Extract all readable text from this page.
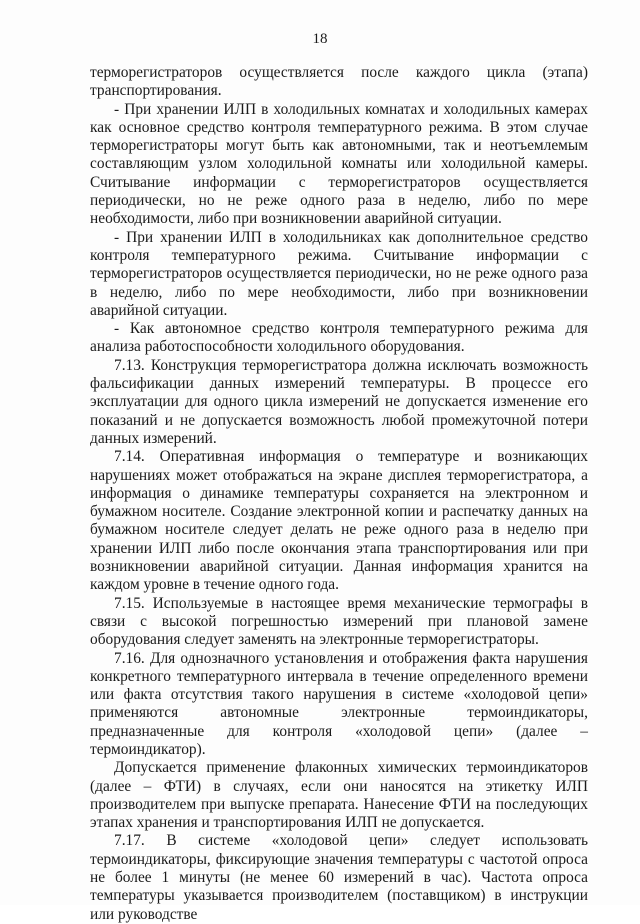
18

терморегистраторов осуществляется после каждого цикла (этапа) транспортирования.

- При хранении ИЛП в холодильных комнатах и холодильных камерах как основное средство контроля температурного режима. В этом случае терморегистраторы могут быть как автономными, так и неотъемлемым составляющим узлом холодильной комнаты или холодильной камеры. Считывание информации с терморегистраторов осуществляется периодически, но не реже одного раза в неделю, либо по мере необходимости, либо при возникновении аварийной ситуации.

- При хранении ИЛП в холодильниках как дополнительное средство контроля температурного режима. Считывание информации с терморегистраторов осуществляется периодически, но не реже одного раза в неделю, либо по мере необходимости, либо при возникновении аварийной ситуации.

- Как автономное средство контроля температурного режима для анализа работоспособности холодильного оборудования.

7.13. Конструкция терморегистратора должна исключать возможность фальсификации данных измерений температуры. В процессе его эксплуатации для одного цикла измерений не допускается изменение его показаний и не допускается возможность любой промежуточной потери данных измерений.

7.14. Оперативная информация о температуре и возникающих нарушениях может отображаться на экране дисплея терморегистратора, а информация о динамике температуры сохраняется на электронном и бумажном носителе. Создание электронной копии и распечатку данных на бумажном носителе следует делать не реже одного раза в неделю при хранении ИЛП либо после окончания этапа транспортирования или при возникновении аварийной ситуации. Данная информация хранится на каждом уровне в течение одного года.

7.15. Используемые в настоящее время механические термографы в связи с высокой погрешностью измерений при плановой замене оборудования следует заменять на электронные терморегистраторы.

7.16. Для однозначного установления и отображения факта нарушения конкретного температурного интервала в течение определенного времени или факта отсутствия такого нарушения в системе «холодовой цепи» применяются автономные электронные термоиндикаторы, предназначенные для контроля «холодовой цепи» (далее – термоиндикатор).

Допускается применение флаконных химических термоиндикаторов (далее – ФТИ) в случаях, если они наносятся на этикетку ИЛП производителем при выпуске препарата. Нанесение ФТИ на последующих этапах хранения и транспортирования ИЛП не допускается.

7.17. В системе «холодовой цепи» следует использовать термоиндикаторы, фиксирующие значения температуры с частотой опроса не более 1 минуты (не менее 60 измерений в час). Частота опроса температуры указывается производителем (поставщиком) в инструкции или руководстве
